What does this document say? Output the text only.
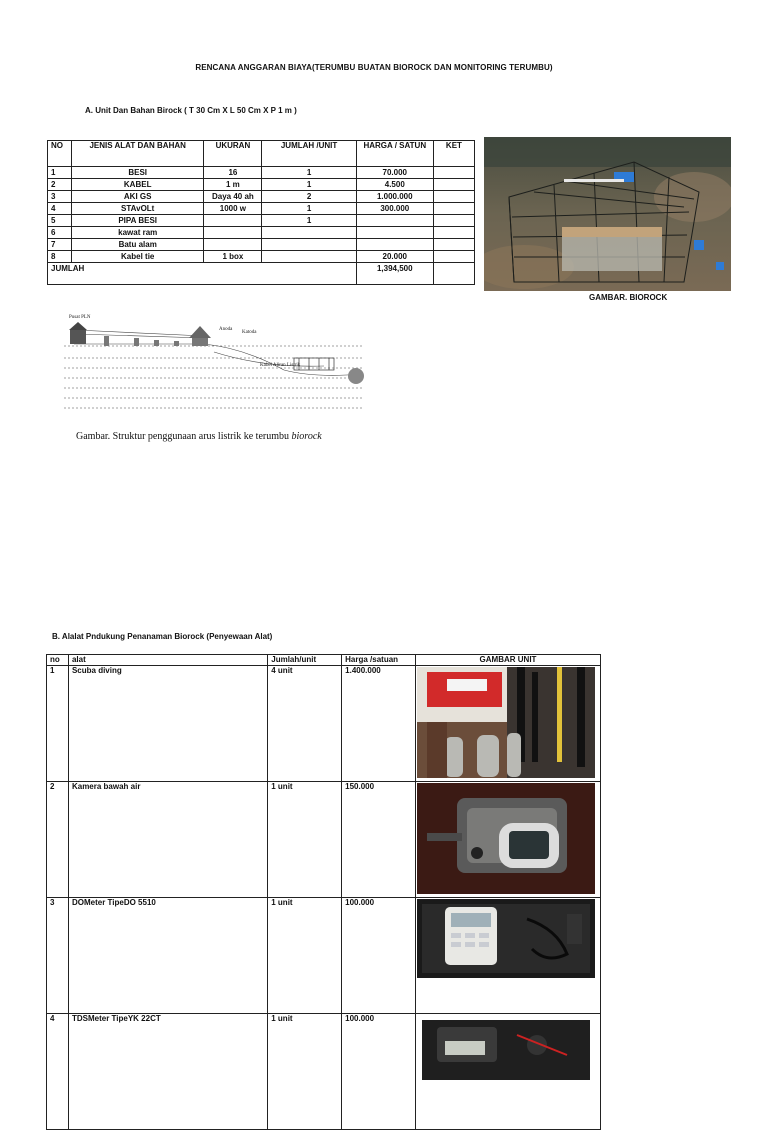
RENCANA ANGGARAN BIAYA(TERUMBU BUATAN BIOROCK DAN MONITORING TERUMBU)
A. Unit Dan Bahan Birock ( T 30 Cm X L 50 Cm X P 1 m )
NO	JENIS ALAT DAN BAHAN	UKURAN	JUMLAH /UNIT	HARGA / SATUN	KET
1	BESI	16	1	70.000	
2	KABEL	1 m	1	4.500	
3	AKI GS	Daya 40 ah	2	1.000.000	
4	STAvOLt	1000 w	1	300.000	
5	PIPA BESI		1		
6	kawat ram				
7	Batu alam				
8	Kabel tie	1 box		20.000	
JUMLAH				1,394,500	
GAMBAR. BIOROCK
Pusat PLN
Anoda
Katoda
Kabel Aliran Listrik
Gambar. Struktur penggunaan arus listrik ke terumbu biorock
B. Alalat Pndukung Penanaman Biorock (Penyewaan Alat)
no	alat	Jumlah/unit	Harga /satuan	GAMBAR UNIT
1	Scuba diving	4 unit	1.400.000	

2	Kamera bawah air	1 unit	150.000	

3	DOMeter TipeDO 5510	1 unit	100.000	

4	TDSMeter TipeYK 22CT	1 unit	100.000	
